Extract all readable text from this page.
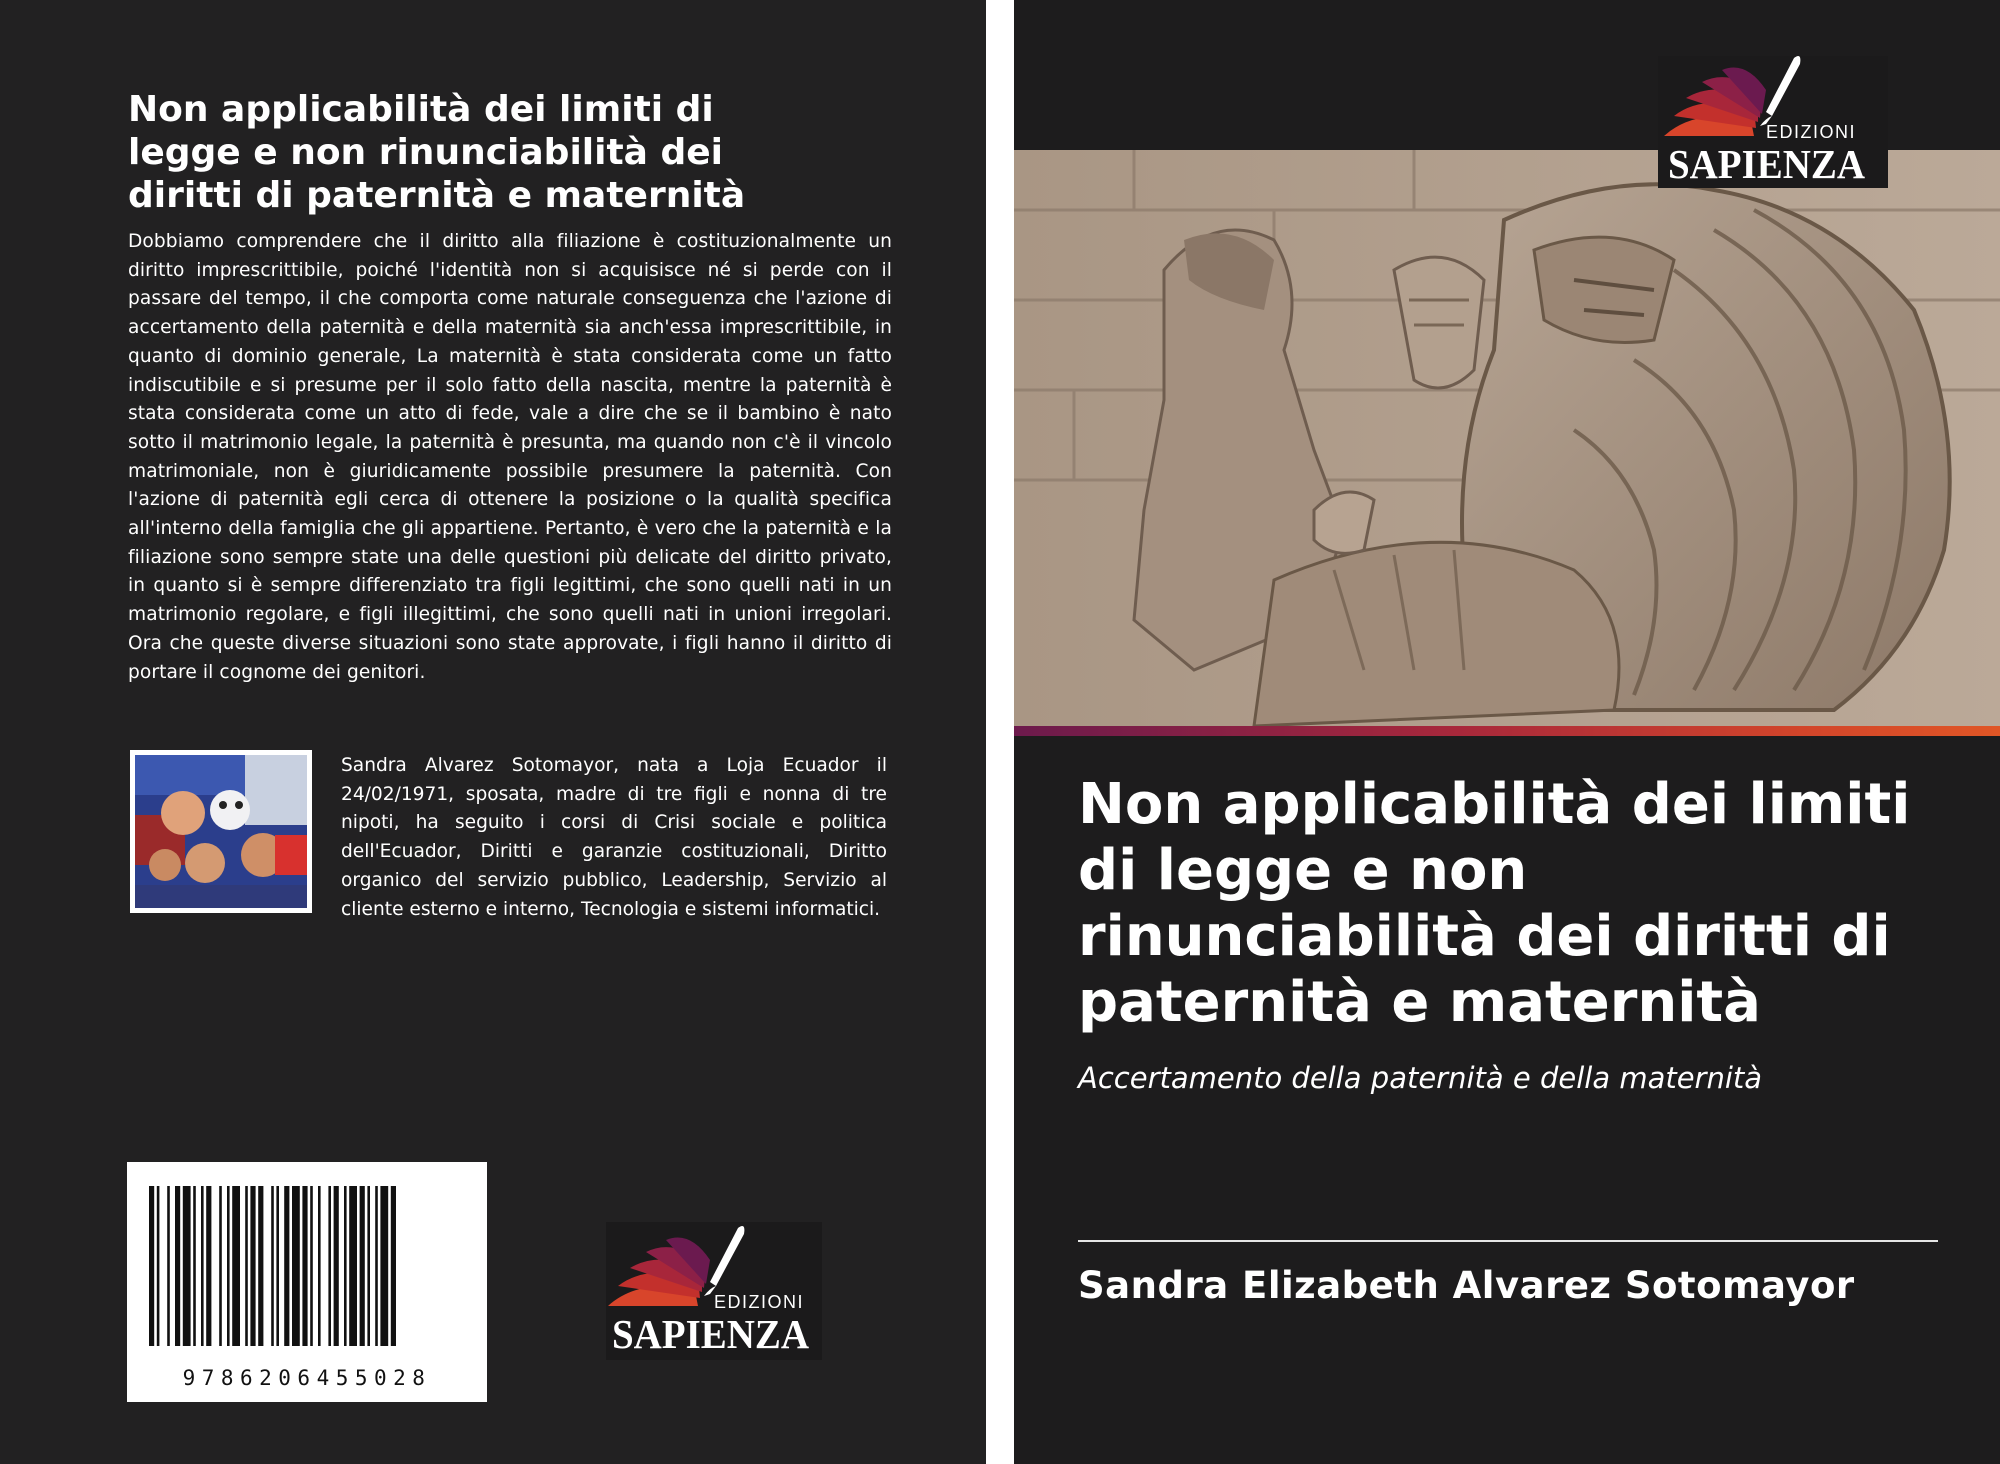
Non applicabilità dei limiti di legge e non rinunciabilità dei diritti di paternità e maternità

Dobbiamo comprendere che il diritto alla filiazione è costituzionalmente un diritto imprescrittibile, poiché l'identità non si acquisisce né si perde con il passare del tempo, il che comporta come naturale conseguenza che l'azione di accertamento della paternità e della maternità sia anch'essa imprescrittibile, in quanto di dominio generale, La maternità è stata considerata come un fatto indiscutibile e si presume per il solo fatto della nascita, mentre la paternità è stata considerata come un atto di fede, vale a dire che se il bambino è nato sotto il matrimonio legale, la paternità è presunta, ma quando non c'è il vincolo matrimoniale, non è giuridicamente possibile presumere la paternità. Con l'azione di paternità egli cerca di ottenere la posizione o la qualità specifica all'interno della famiglia che gli appartiene. Pertanto, è vero che la paternità e la filiazione sono sempre state una delle questioni più delicate del diritto privato, in quanto si è sempre differenziato tra figli legittimi, che sono quelli nati in un matrimonio regolare, e figli illegittimi, che sono quelli nati in unioni irregolari. Ora che queste diverse situazioni sono state approvate, i figli hanno il diritto di portare il cognome dei genitori.

Sandra Alvarez Sotomayor, nata a Loja Ecuador il 24/02/1971, sposata, madre di tre figli e nonna di tre nipoti, ha seguito i corsi di Crisi sociale e politica dell'Ecuador, Diritti e garanzie costituzionali, Diritto organico del servizio pubblico, Leadership, Servizio al cliente esterno e interno, Tecnologia e sistemi informatici.

9786206455028
EDIZIONI
SAPIENZA
EDIZIONI
SAPIENZA
Non applicabilità dei limiti di legge e non rinunciabilità dei diritti di paternità e maternità

Accertamento della paternità e della maternità

Sandra Elizabeth Alvarez Sotomayor
